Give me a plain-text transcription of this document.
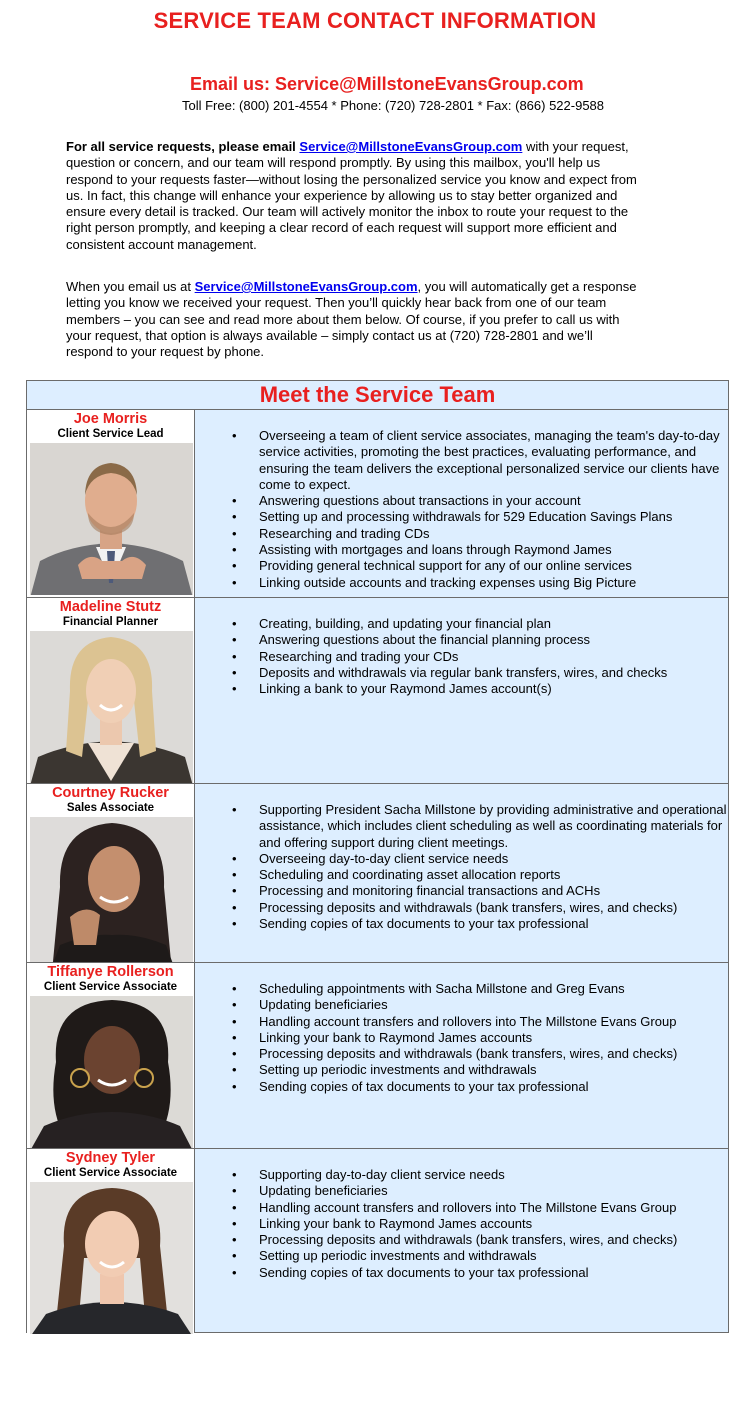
SERVICE TEAM CONTACT INFORMATION
Email us: Service@MillstoneEvansGroup.com
Toll Free: (800) 201-4554 * Phone: (720) 728-2801 * Fax: (866) 522-9588
For all service requests, please email Service@MillstoneEvansGroup.com with your request, question or concern, and our team will respond promptly. By using this mailbox, you'll help us respond to your requests faster—without losing the personalized service you know and expect from us. In fact, this change will enhance your experience by allowing us to stay better organized and ensure every detail is tracked. Our team will actively monitor the inbox to route your request to the right person promptly, and keeping a clear record of each request will support more efficient and consistent account management.
When you email us at Service@MillstoneEvansGroup.com, you will automatically get a response letting you know we received your request. Then you’ll quickly hear back from one of our team members – you can see and read more about them below. Of course, if you prefer to call us with your request, that option is always available – simply contact us at (720) 728-2801 and we’ll respond to your request by phone.
Meet the Service Team
Joe Morris
Client Service Lead	• Overseeing a team of client service associates, managing the team's day-to-day service activities, promoting the best practices, evaluating performance, and ensuring the team delivers the exceptional personalized service our clients have come to expect.
• Answering questions about transactions in your account
• Setting up and processing withdrawals for 529 Education Savings Plans
• Researching and trading CDs
• Assisting with mortgages and loans through Raymond James
• Providing general technical support for any of our online services
• Linking outside accounts and tracking expenses using Big Picture
Madeline Stutz
Financial Planner	• Creating, building, and updating your financial plan
• Answering questions about the financial planning process
• Researching and trading your CDs
• Deposits and withdrawals via regular bank transfers, wires, and checks
• Linking a bank to your Raymond James account(s)
Courtney Rucker
Sales Associate	• Supporting President Sacha Millstone by providing administrative and operational assistance, which includes client scheduling as well as coordinating materials for and offering support during client meetings.
• Overseeing day-to-day client service needs
• Scheduling and coordinating asset allocation reports
• Processing and monitoring financial transactions and ACHs
• Processing deposits and withdrawals (bank transfers, wires, and checks)
• Sending copies of tax documents to your tax professional
Tiffanye Rollerson
Client Service Associate	• Scheduling appointments with Sacha Millstone and Greg Evans
• Updating beneficiaries
• Handling account transfers and rollovers into The Millstone Evans Group
• Linking your bank to Raymond James accounts
• Processing deposits and withdrawals (bank transfers, wires, and checks)
• Setting up periodic investments and withdrawals
• Sending copies of tax documents to your tax professional
Sydney Tyler
Client Service Associate	• Supporting day-to-day client service needs
• Updating beneficiaries
• Handling account transfers and rollovers into The Millstone Evans Group
• Linking your bank to Raymond James accounts
• Processing deposits and withdrawals (bank transfers, wires, and checks)
• Setting up periodic investments and withdrawals
• Sending copies of tax documents to your tax professional
